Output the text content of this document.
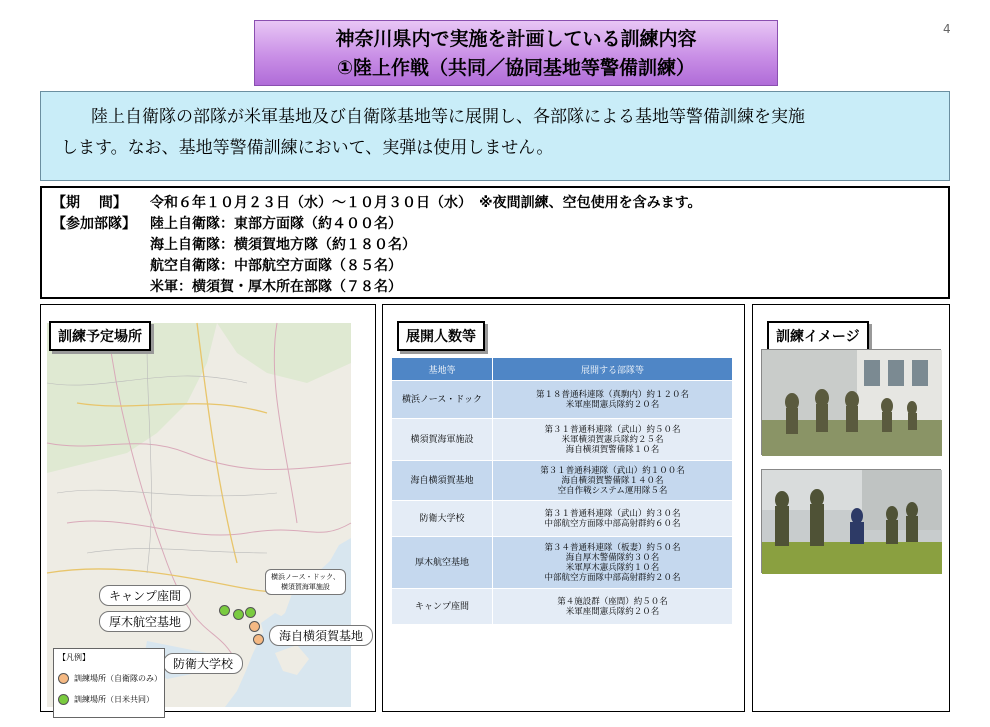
4
神奈川県内で実施を計画している訓練内容
①陸上作戦（共同／協同基地等警備訓練）
陸上自衛隊の部隊が米軍基地及び自衛隊基地等に展開し、各部隊による基地等警備訓練を実施
します。なお、基地等警備訓練において、実弾は使用しません。
【期　 間】	令和６年１０月２３日（水）～１０月３０日（水）　※夜間訓練、空包使用を含みます。
【参加部隊】	陸上自衛隊：東部方面隊（約４００名）
海上自衛隊：横須賀地方隊（約１８０名）
航空自衛隊：中部航空方面隊（８５名）
米軍：横須賀・厚木所在部隊（７８名）
横浜ノース・ドック、
横須賀海軍施設
キャンプ座間
厚木航空基地
海自横須賀基地
防衛大学校
【凡例】
訓練場所（自衛隊のみ）
訓練場所（日米共同）
訓練予定場所	展開人数等
基地等	展開する部隊等
横浜ノース・ドック	第１８普通科連隊（真駒内）約１２０名
米軍座間憲兵隊約２０名

横須賀海軍施設	第３１普通科連隊（武山）約５０名
米軍横須賀憲兵隊約２５名
海自横須賀警備隊１０名

海自横須賀基地	第３１普通科連隊（武山）約１００名
海自横須賀警備隊１４０名
空自作戦システム運用隊５名

防衛大学校	第３１普通科連隊（武山）約３０名
中部航空方面隊中部高射群約６０名

厚木航空基地	第３４普通科連隊（板妻）約５０名
海自厚木警備隊約３０名
米軍厚木憲兵隊約１０名
中部航空方面隊中部高射群約２０名

キャンプ座間	第４施設群（座間）約５０名
米軍座間憲兵隊約２０名
訓練イメージ
